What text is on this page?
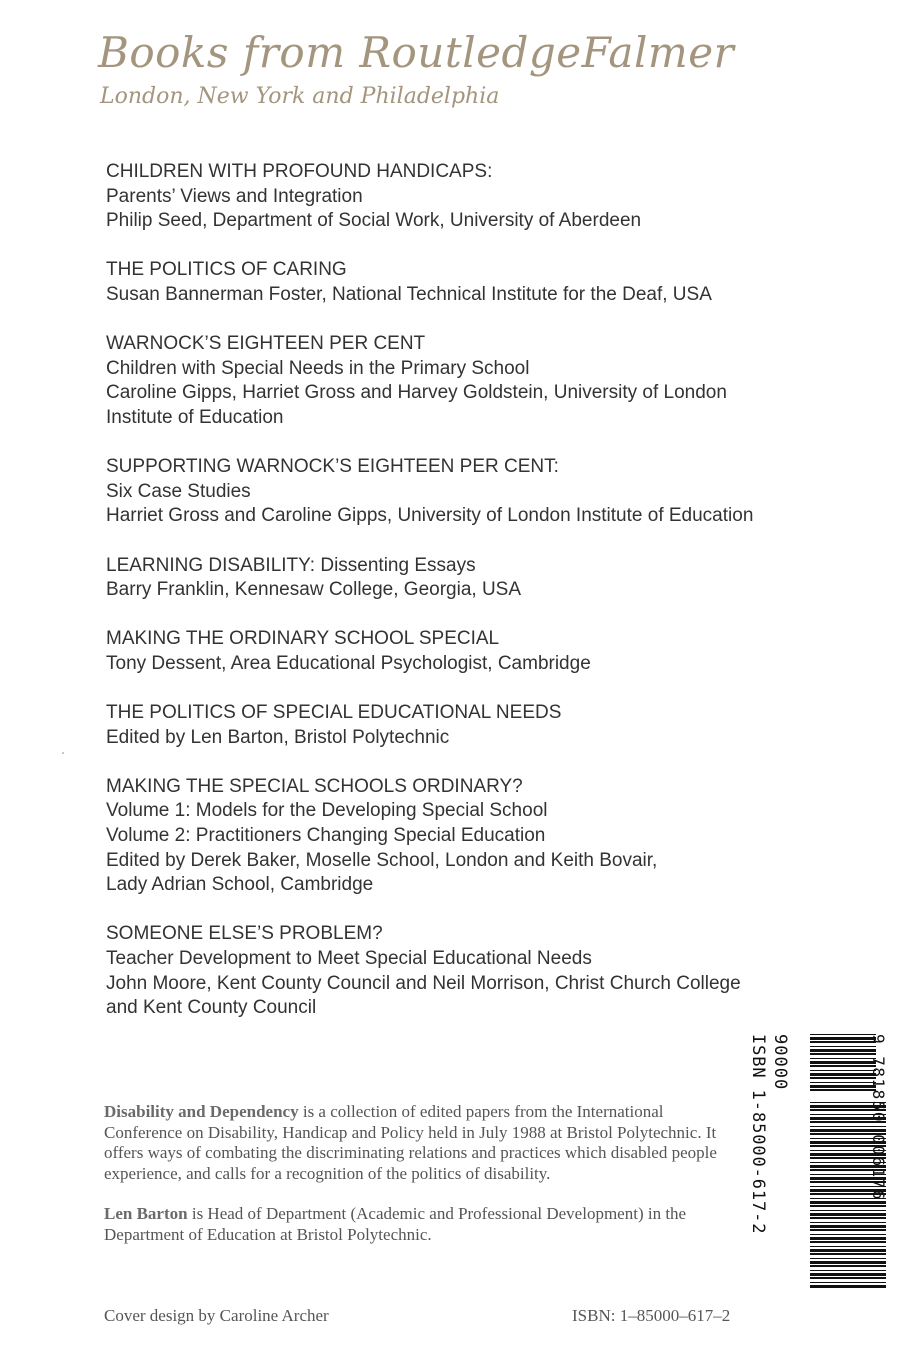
Books from RoutledgeFalmer
London, New York and Philadelphia
CHILDREN WITH PROFOUND HANDICAPS:
Parents’ Views and Integration
Philip Seed, Department of Social Work, University of Aberdeen
THE POLITICS OF CARING
Susan Bannerman Foster, National Technical Institute for the Deaf, USA
WARNOCK’S EIGHTEEN PER CENT
Children with Special Needs in the Primary School
Caroline Gipps, Harriet Gross and Harvey Goldstein, University of London
Institute of Education
SUPPORTING WARNOCK’S EIGHTEEN PER CENT:
Six Case Studies
Harriet Gross and Caroline Gipps, University of London Institute of Education
LEARNING DISABILITY: Dissenting Essays
Barry Franklin, Kennesaw College, Georgia, USA
MAKING THE ORDINARY SCHOOL SPECIAL
Tony Dessent, Area Educational Psychologist, Cambridge
THE POLITICS OF SPECIAL EDUCATIONAL NEEDS
Edited by Len Barton, Bristol Polytechnic
MAKING THE SPECIAL SCHOOLS ORDINARY?
Volume 1: Models for the Developing Special School
Volume 2: Practitioners Changing Special Education
Edited by Derek Baker, Moselle School, London and Keith Bovair,
Lady Adrian School, Cambridge
SOMEONE ELSE’S PROBLEM?
Teacher Development to Meet Special Educational Needs
John Moore, Kent County Council and Neil Morrison, Christ Church College
and Kent County Council

Disability and Dependency is a collection of edited papers from the International Conference on Disability, Handicap and Policy held in July 1988 at Bristol Polytechnic. It offers ways of combating the discriminating relations and practices which disabled people experience, and calls for a recognition of the politics of disability.

Len Barton is Head of Department (Academic and Professional Development) in the Department of Education at Bristol Polytechnic.

Cover design by Caroline Archer	ISBN: 1–85000–617–2
ISBN 1-85000-617-2 90000	9 781850 006176
